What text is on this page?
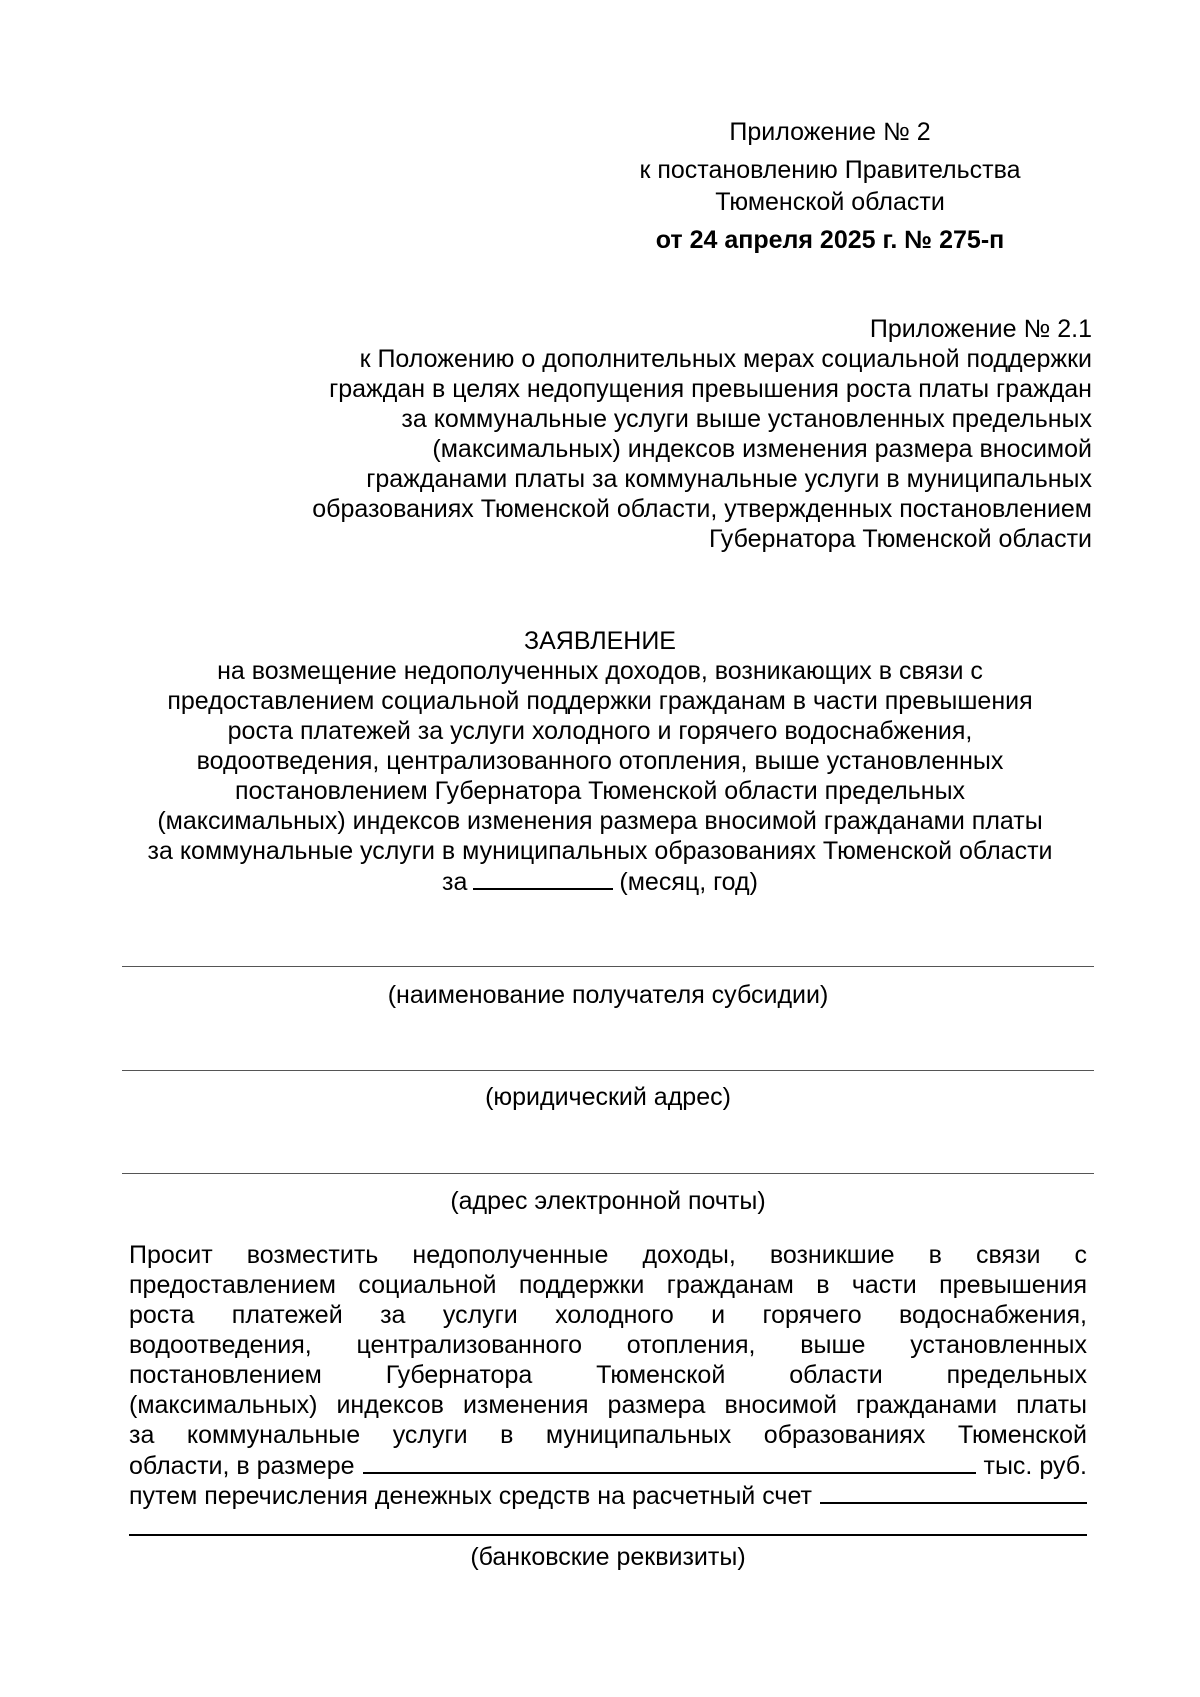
Приложение № 2
к постановлению Правительства
Тюменской области
от 24 апреля 2025 г. № 275-п
Приложение № 2.1
к Положению о дополнительных мерах социальной поддержки
граждан в целях недопущения превышения роста платы граждан
за коммунальные услуги выше установленных предельных
(максимальных) индексов изменения размера вносимой
гражданами платы за коммунальные услуги в муниципальных
образованиях Тюменской области, утвержденных постановлением
Губернатора Тюменской области
ЗАЯВЛЕНИЕ
на возмещение недополученных доходов, возникающих в связи с
предоставлением социальной поддержки гражданам в части превышения
роста платежей за услуги холодного и горячего водоснабжения,
водоотведения, централизованного отопления, выше установленных
постановлением Губернатора Тюменской области предельных
(максимальных) индексов изменения размера вносимой гражданами платы
за коммунальные услуги в муниципальных образованиях Тюменской области
за	(месяц, год)
(наименование получателя субсидии)
(юридический адрес)
(адрес электронной почты)
Просит возместить недополученные доходы, возникшие в связи с
предоставлением социальной поддержки гражданам в части превышения
роста платежей за услуги холодного и горячего водоснабжения,
водоотведения, централизованного отопления, выше установленных
постановлением Губернатора Тюменской области предельных
(максимальных) индексов изменения размера вносимой гражданами платы
за коммунальные услуги в муниципальных образованиях Тюменской
области, в размере	тыс. руб.
путем перечисления денежных средств на расчетный счет
(банковские реквизиты)
